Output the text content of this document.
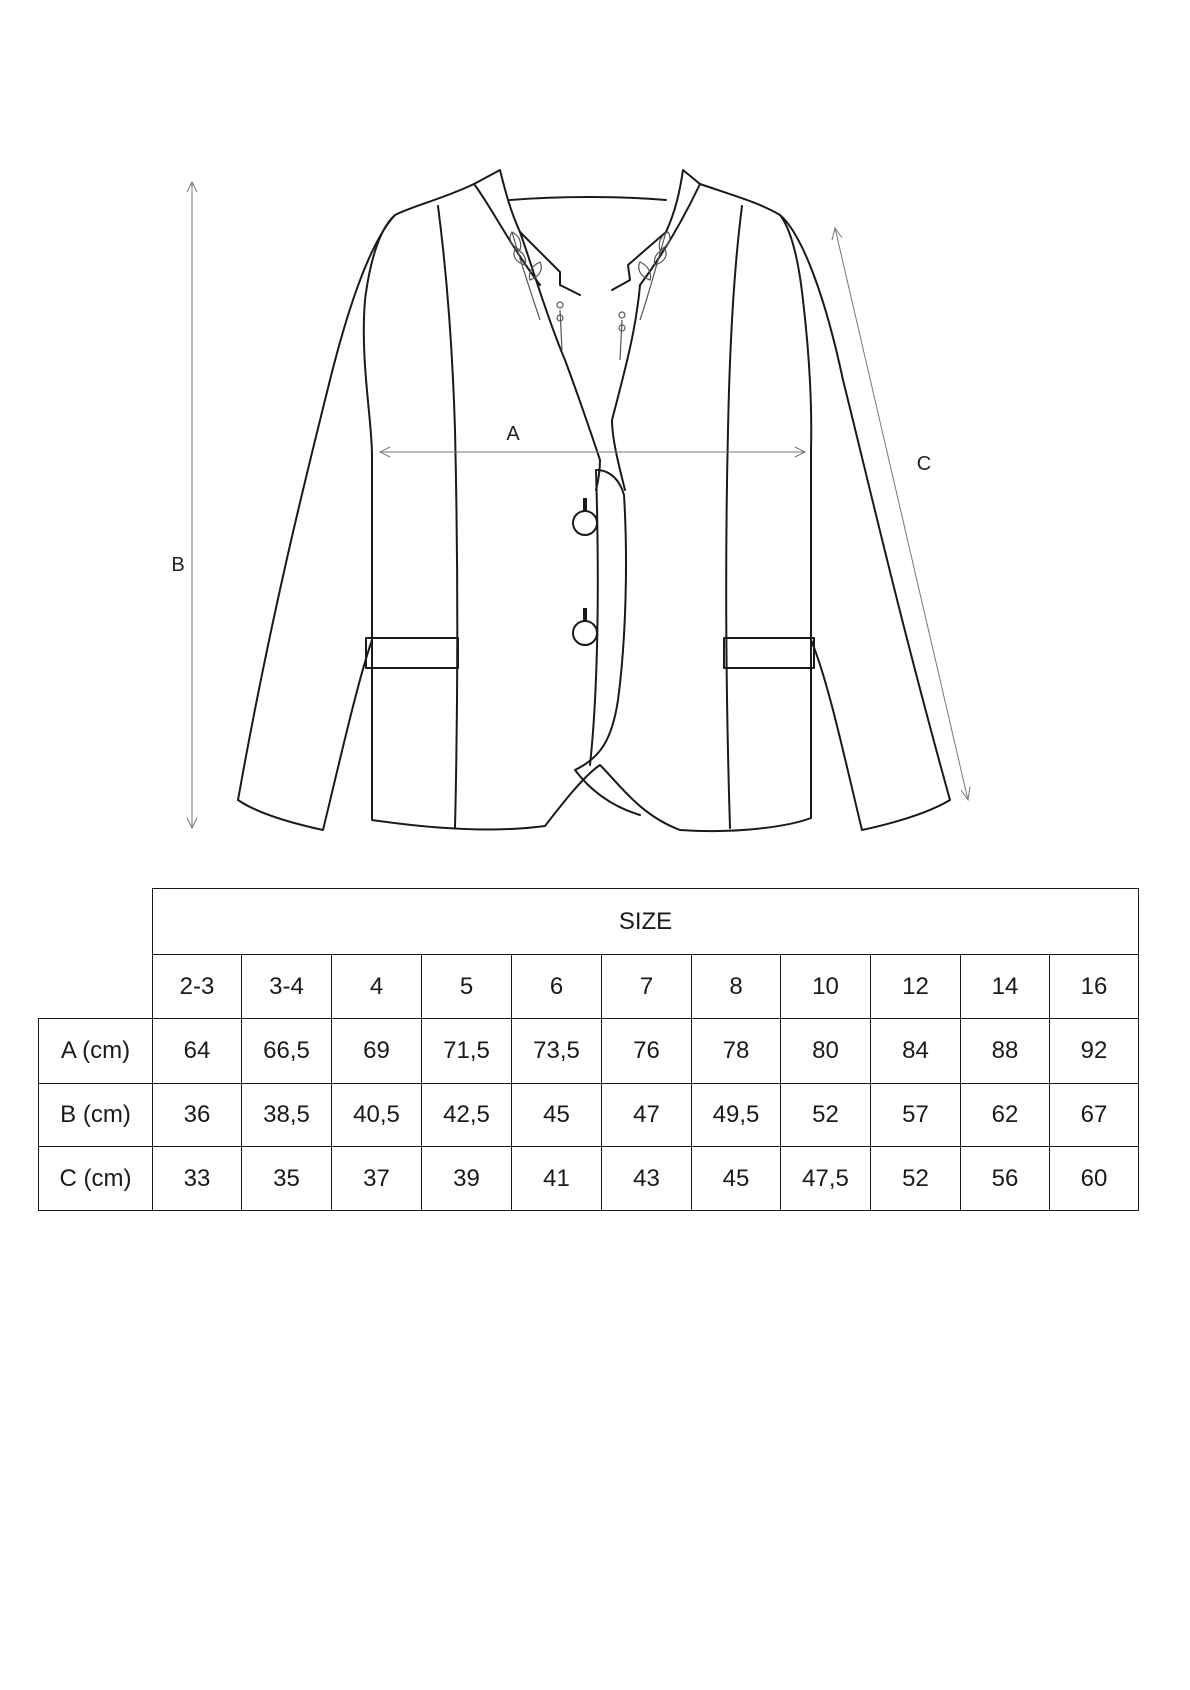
A
B
C
	SIZE										
	2-3	3-4	4	5	6	7	8	10	12	14	16
A (cm)	64	66,5	69	71,5	73,5	76	78	80	84	88	92
B (cm)	36	38,5	40,5	42,5	45	47	49,5	52	57	62	67
C (cm)	33	35	37	39	41	43	45	47,5	52	56	60
